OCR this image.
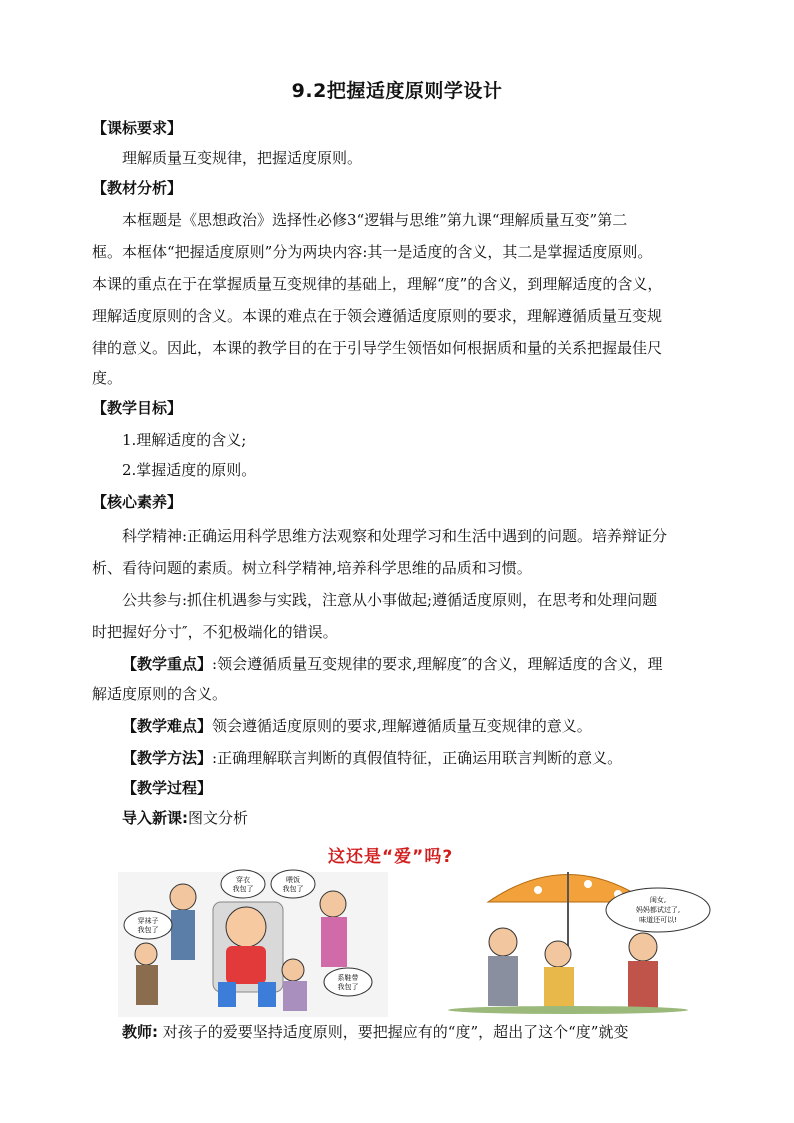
9.2把握适度原则学设计
【课标要求】
理解质量互变规律，把握适度原则。
【教材分析】
本框题是《思想政治》选择性必修3“逻辑与思维”第九课“理解质量互变”第二
框。本框体“把握适度原则”分为两块内容:其一是适度的含义，其二是掌握适度原则。
本课的重点在于在掌握质量互变规律的基础上，理解“度”的含义，到理解适度的含义，
理解适度原则的含义。本课的难点在于领会遵循适度原则的要求，理解遵循质量互变规
律的意义。因此，本课的教学目的在于引导学生领悟如何根据质和量的关系把握最佳尺
度。
【教学目标】
1.理解适度的含义;
2.掌握适度的原则。
【核心素养】
科学精神:正确运用科学思维方法观察和处理学习和生活中遇到的问题。培养辩证分
析、看待问题的素质。树立科学精神,培养科学思维的品质和习惯。
公共参与:抓住机遇参与实践，注意从小事做起;遵循适度原则，在思考和处理问题
时把握好分寸″，不犯极端化的错误。
【教学重点】:领会遵循质量互变规律的要求,理解度″的含义，理解适度的含义，理
解适度原则的含义。
【教学难点】领会遵循适度原则的要求,理解遵循质量互变规律的意义。
【教学方法】:正确理解联言判断的真假值特征，正确运用联言判断的意义。
【教学过程】
导入新课:图文分析
这还是“爱”吗?
穿衣
我包了
喂饭
我包了
穿袜子
我包了
系鞋带
我包了
闺女,
妈妈都试过了,
味道还可以!
教师: 对孩子的爱要坚持适度原则，要把握应有的“度”，超出了这个“度”就变
